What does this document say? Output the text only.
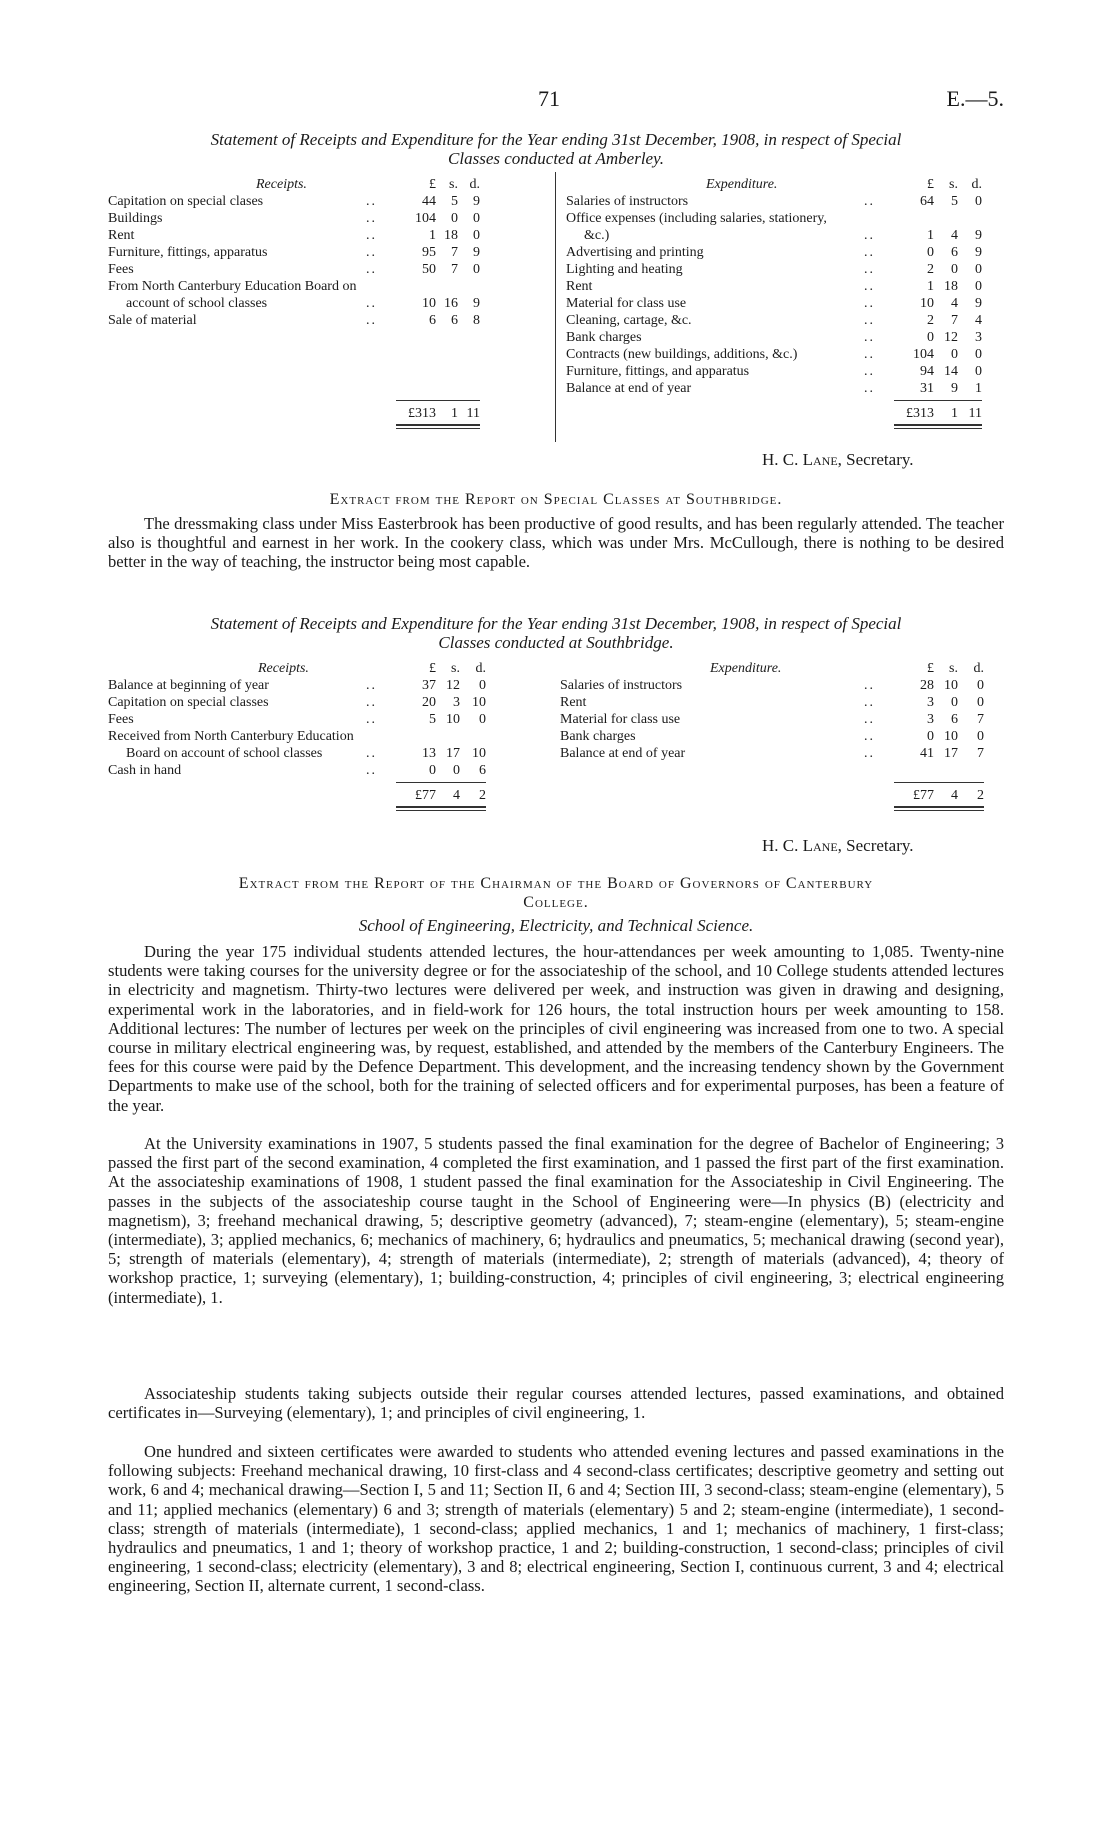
71	E.—5.
Statement of Receipts and Expenditure for the Year ending 31st December, 1908, in respect of Special
Classes conducted at Amberley.
Receipts.	£ s. d.
Capitation on special clases	..	44	5	9
Buildings	..	104	0	0
Rent	..	1 18	0
Furniture, fittings, apparatus	..	95	7	9
Fees	..	50	7	0
From North Canterbury Education Board on
account of school classes	..	10 16	9
Sale of material	..	6	6	8
£313	1 11
Expenditure.	£	s. d.
Salaries of instructors	..	64	5	0
Office expenses (including salaries, stationery,
&c.)	..	1	4	9
Advertising and printing	..	0	6	9
Lighting and heating	..	2	0	0
Rent	..	1 18	0
Material for class use	..	10	4	9
Cleaning, cartage, &c.	..	2	7	4
Bank charges	..	0 12	3
Contracts (new buildings, additions, &c.)	..	104	0	0
Furniture, fittings, and apparatus	..	94 14	0
Balance at end of year	..	31	9	1
£313	1 11
H. C. Lane, Secretary.
Extract from the Report on Special Classes at Southbridge.

The dressmaking class under Miss Easterbrook has been productive of good results, and has been regularly attended. The teacher also is thoughtful and earnest in her work. In the cookery class, which was under Mrs. McCullough, there is nothing to be desired better in the way of teaching, the instructor being most capable.

Statement of Receipts and Expenditure for the Year ending 31st December, 1908, in respect of Special
Classes conducted at Southbridge.
Receipts.	£	s.	d.
Balance at beginning of year	..	37 12	0
Capitation on special classes	..	20	3 10
Fees	..	5 10	0
Received from North Canterbury Education
Board on account of school classes	..	13 17 10
Cash in hand	..	0	0	6
£77	4	2
Expenditure.	£	s.	d.
Salaries of instructors	..	28 10	0
Rent	..	3	0	0
Material for class use	..	3	6	7
Bank charges	..	0 10	0
Balance at end of year	..	41 17	7
£77	4	2
H. C. Lane, Secretary.
Extract from the Report of the Chairman of the Board of Governors of Canterbury
College.
School of Engineering, Electricity, and Technical Science.

During the year 175 individual students attended lectures, the hour-attendances per week amounting to 1,085. Twenty-nine students were taking courses for the university degree or for the associateship of the school, and 10 College students attended lectures in electricity and magnetism. Thirty-two lectures were delivered per week, and instruction was given in drawing and designing, experimental work in the laboratories, and in field-work for 126 hours, the total instruction hours per week amounting to 158. Additional lectures: The number of lectures per week on the principles of civil engineering was increased from one to two. A special course in military electrical engineering was, by request, established, and attended by the members of the Canterbury Engineers. The fees for this course were paid by the Defence Department. This development, and the increasing tendency shown by the Government Departments to make use of the school, both for the training of selected officers and for experimental purposes, has been a feature of the year.

At the University examinations in 1907, 5 students passed the final examination for the degree of Bachelor of Engineering; 3 passed the first part of the second examination, 4 completed the first examination, and 1 passed the first part of the first examination. At the associateship examinations of 1908, 1 student passed the final examination for the Associateship in Civil Engineering. The passes in the subjects of the associateship course taught in the School of Engineering were—In physics (B) (electricity and magnetism), 3; freehand mechanical drawing, 5; descriptive geometry (advanced), 7; steam-engine (elementary), 5; steam-engine (intermediate), 3; applied mechanics, 6; mechanics of machinery, 6; hydraulics and pneumatics, 5; mechanical drawing (second year), 5; strength of materials (elementary), 4; strength of materials (intermediate), 2; strength of materials (advanced), 4; theory of workshop practice, 1; surveying (elementary), 1; building-construction, 4; principles of civil engineering, 3; electrical engineering (intermediate), 1.

Associateship students taking subjects outside their regular courses attended lectures, passed examinations, and obtained certificates in—Surveying (elementary), 1; and principles of civil engineering, 1.

One hundred and sixteen certificates were awarded to students who attended evening lectures and passed examinations in the following subjects: Freehand mechanical drawing, 10 first-class and 4 second-class certificates; descriptive geometry and setting out work, 6 and 4; mechanical drawing—Section I, 5 and 11; Section II, 6 and 4; Section III, 3 second-class; steam-engine (elementary), 5 and 11; applied mechanics (elementary) 6 and 3; strength of materials (elementary) 5 and 2; steam-engine (intermediate), 1 second-class; strength of materials (intermediate), 1 second-class; applied mechanics, 1 and 1; mechanics of machinery, 1 first-class; hydraulics and pneumatics, 1 and 1; theory of workshop practice, 1 and 2; building-construction, 1 second-class; principles of civil engineering, 1 second-class; electricity (elementary), 3 and 8; electrical engineering, Section I, continuous current, 3 and 4; electrical engineering, Section II, alternate current, 1 second-class.
